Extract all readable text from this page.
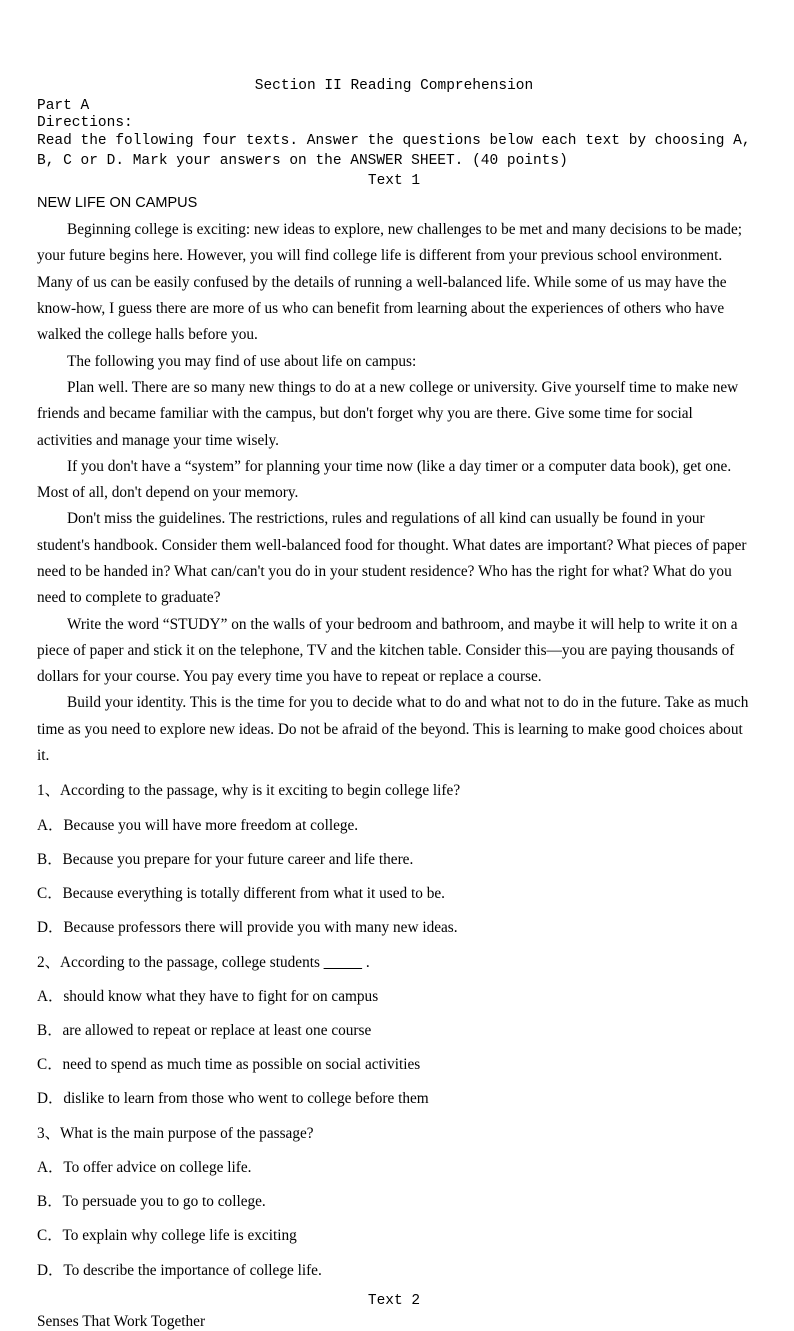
Section II Reading Comprehension
Part A
Directions:
Read the following four texts. Answer the questions below each text by choosing A, B, C or D. Mark your answers on the ANSWER SHEET. (40 points)
Text 1
NEW LIFE ON CAMPUS

Beginning college is exciting: new ideas to explore, new challenges to be met and many decisions to be made; your future begins here. However, you will find college life is different from your previous school environment. Many of us can be easily confused by the details of running a well-balanced life. While some of us may have the know-how, I guess there are more of us who can benefit from learning about the experiences of others who have walked the college halls before you.

The following you may find of use about life on campus:

Plan well. There are so many new things to do at a new college or university. Give yourself time to make new friends and became familiar with the campus, but don't forget why you are there. Give some time for social activities and manage your time wisely.

If you don't have a “system” for planning your time now (like a day timer or a computer data book), get one. Most of all, don't depend on your memory.

Don't miss the guidelines. The restrictions, rules and regulations of all kind can usually be found in your student's handbook. Consider them well-balanced food for thought. What dates are important? What pieces of paper need to be handed in? What can/can't you do in your student residence? Who has the right for what? What do you need to complete to graduate?

Write the word “STUDY” on the walls of your bedroom and bathroom, and maybe it will help to write it on a piece of paper and stick it on the telephone, TV and the kitchen table. Consider this—you are paying thousands of dollars for your course. You pay every time you have to repeat or replace a course.

Build your identity. This is the time for you to decide what to do and what not to do in the future. Take as much time as you need to explore new ideas. Do not be afraid of the beyond. This is learning to make good choices about it.

1、According to the passage, why is it exciting to begin college life?
A．Because you will have more freedom at college.
B．Because you prepare for your future career and life there.
C．Because everything is totally different from what it used to be.
D．Because professors there will provide you with many new ideas.
2、According to the passage, college students _____ .
A．should know what they have to fight for on campus
B．are allowed to repeat or replace at least one course
C．need to spend as much time as possible on social activities
D．dislike to learn from those who went to college before them
3、What is the main purpose of the passage?
A．To offer advice on college life.
B．To persuade you to go to college.
C．To explain why college life is exciting
D．To describe the importance of college life.
Text 2
Senses That Work Together
